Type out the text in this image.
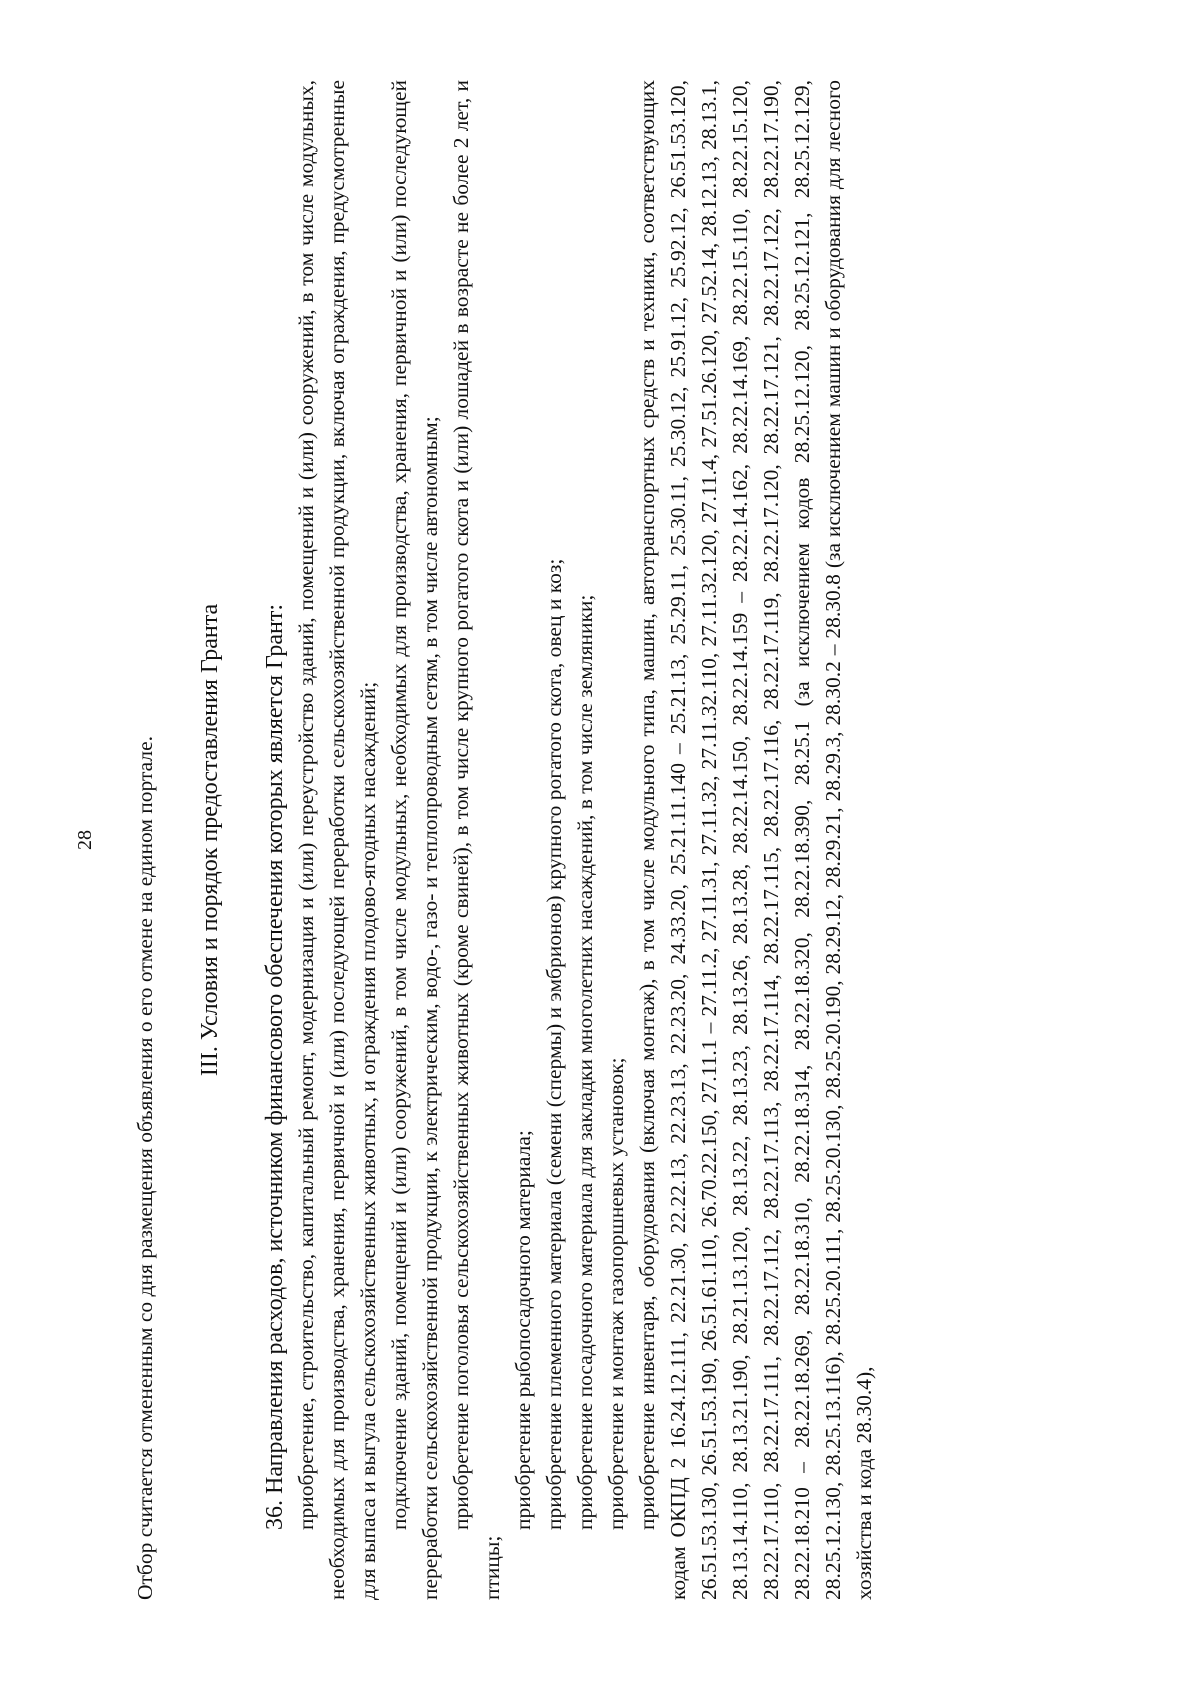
28 Отбор считается отмененным со дня размещения объявления о его отмене на едином портале. III. Условия и порядок предоставления Гранта 36. Направления расходов, источником финансового обеспечения которых является Грант: приобретение, строительство, капитальный ремонт, модернизация и (или) переустройство зданий, помещений и (или) сооружений, в том числе модульных, необходимых для производства, хранения, первичной и (или) последующей переработки сельскохозяйственной продукции, включая ограждения, предусмотренные для выпаса и выгула сельскохозяйственных животных, и ограждения плодово-ягодных насаждений; подключение зданий, помещений и (или) сооружений, в том числе модульных, необходимых для производства, хранения, первичной и (или) последующей переработки сельскохозяйственной продукции, к электрическим, водо-, газо- и теплопроводным сетям, в том числе автономным; приобретение поголовья сельскохозяйственных животных (кроме свиней), в том числе крупного рогатого скота и (или) лошадей в возрасте не более 2 лет, и птицы;

приобретение рыбопосадочного материала; приобретение племенного материала (семени (спермы) и эмбрионов) крупного рогатого скота, овец и коз; приобретение посадочного материала для закладки многолетних насаждений, в том числе земляники; приобретение и монтаж газопоршневых установок; приобретение инвентаря, оборудования (включая монтаж), в том числе модульного типа, машин, автотранспортных средств и техники, соответствующих кодам ОКПД 2 16.24.12.111, 22.21.30, 22.22.13, 22.23.13, 22.23.20, 24.33.20, 25.21.11.140 – 25.21.13, 25.29.11, 25.30.11, 25.30.12, 25.91.12, 25.92.12, 26.51.53.120, 26.51.53.130, 26.51.53.190, 26.51.61.110, 26.70.22.150, 27.11.1 – 27.11.2, 27.11.31, 27.11.32, 27.11.32.110, 27.11.32.120, 27.11.4, 27.51.26.120, 27.52.14, 28.12.13, 28.13.1, 28.13.14.110, 28.13.21.190, 28.21.13.120, 28.13.22, 28.13.23, 28.13.26, 28.13.28, 28.22.14.150, 28.22.14.159 – 28.22.14.162, 28.22.14.169, 28.22.15.110, 28.22.15.120, 28.22.17.110, 28.22.17.111, 28.22.17.112, 28.22.17.113, 28.22.17.114, 28.22.17.115, 28.22.17.116, 28.22.17.119, 28.22.17.120, 28.22.17.121, 28.22.17.122, 28.22.17.190, 28.22.18.210 – 28.22.18.269, 28.22.18.310, 28.22.18.314, 28.22.18.320, 28.22.18.390, 28.25.1 (за исключением кодов 28.25.12.120, 28.25.12.121, 28.25.12.129, 28.25.12.130, 28.25.13.116), 28.25.20.111, 28.25.20.130, 28.25.20.190, 28.29.12, 28.29.21, 28.29.3, 28.30.2 – 28.30.8 (за исключением машин и оборудования для лесного хозяйства и кода 28.30.4),
